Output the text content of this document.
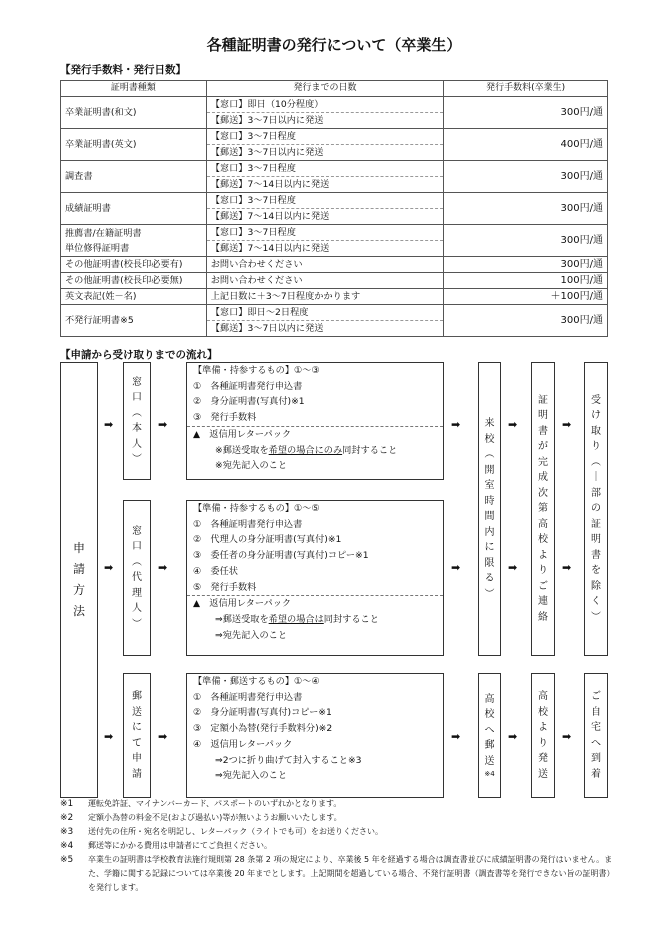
各種証明書の発行について（卒業生）
【発行手数料・発行日数】
証明書種類	発行までの日数	発行手数料(卒業生)

卒業証明書(和文)	【窓口】即日（10分程度）	300円/通
	【郵送】3～7日以内に発送	

卒業証明書(英文)	【窓口】3～7日程度	400円/通
	【郵送】3～7日以内に発送	

調査書	【窓口】3～7日程度	300円/通
	【郵送】7～14日以内に発送	

成績証明書	【窓口】3～7日程度	300円/通
	【郵送】7～14日以内に発送	

推薦書/在籍証明書
単位修得証明書	【窓口】3～7日程度	300円/通
	【郵送】7～14日以内に発送	

その他証明書(校長印必要有)	お問い合わせください	300円/通

その他証明書(校長印必要無)	お問い合わせください	100円/通

英文表記(姓－名)	上記日数に＋3～7日程度かかります	＋100円/通

不発行証明書※5	【窓口】即日～2日程度	300円/通
	【郵送】3～7日以内に発送	
【申請から受け取りまでの流れ】
申
請
方
法
窓
口
︵
本
人
︶
窓
口
︵
代
理
人
︶
郵
送
に
て
申
請
【準備・持参するもの】①～③
①　各種証明書発行申込書
②　身分証明書(写真付)※1
③　発行手数料
▲　返信用レターパック
※郵送受取を希望の場合にのみ同封すること
※宛先記入のこと
【準備・持参するもの】①～⑤
①　各種証明書発行申込書
②　代理人の身分証明書(写真付)※1
③　委任者の身分証明書(写真付)コピー※1
④　委任状
⑤　発行手数料
▲　返信用レターパック
⇒郵送受取を希望の場合は同封すること
⇒宛先記入のこと
【準備・郵送するもの】①～④
①　各種証明書発行申込書
②　身分証明書(写真付)コピー※1
③　定額小為替(発行手数料分)※2
④　返信用レターパック
⇒2つに折り曲げて封入すること※3
⇒宛先記入のこと
来
校
︵
開
室
時
間
内
に
限
る
︶
証
明
書
が
完
成
次
第
高
校
よ
り
ご
連
絡
受
け
取
り
︵
｜
部
の
証
明
書
を
除
く
︶
高
校
へ
郵
送
※4
高
校
よ
り
発
送
ご
自
宅
へ
到
着
➡	➡	➡	➡	➡
➡	➡	➡	➡	➡
➡	➡	➡	➡	➡
※1	運転免許証、マイナンバーカード、パスポートのいずれかとなります。
※2	定額小為替の料金不足(および過払い)等が無いようお願いいたします。
※3	送付先の住所・宛名を明記し、レターパック（ライトでも可）をお送りください。
※4	郵送等にかかる費用は申請者にてご負担ください。
※5	卒業生の証明書は学校教育法施行規則第 28 条第 2 項の規定により、卒業後 5 年を経過する場合は調査書並びに成績証明書の発行はいません。また、学籍に関する記録については卒業後 20 年までとします。上記期間を超過している場合、不発行証明書（調査書等を発行できない旨の証明書）を発行します。
